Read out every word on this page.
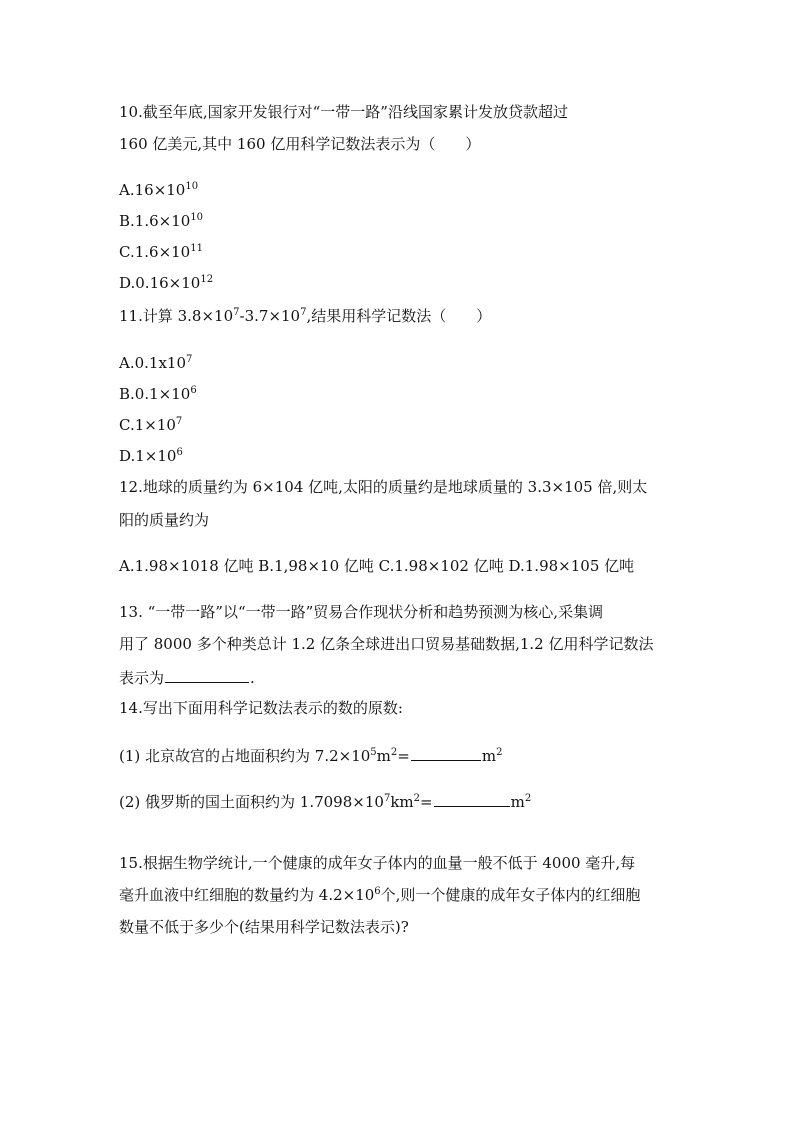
10.截至年底,国家开发银行对“一带一路”沿线国家累计发放贷款超过
160 亿美元,其中 160 亿用科学记数法表示为（　　）
$A.16\times 10^{10}$
$B.1.6\times 10^{10}$
$C.1.6\times 10^{11}$
$D.0.16\times 10^{12}$
11.计算 $3.8\times 10^7-3.7\times 10^7$,结果用科学记数法（　　）
$A.0.1x10^7$
$B.0.1\times 10^6$
$C.1\times 10^7$
$D.1\times 10^6$
12.地球的质量约为 6×104 亿吨,太阳的质量约是地球质量的 3.3×105 倍,则太
阳的质量约为
A.1.98×1018 亿吨 B.1,98×10 亿吨 C.1.98×102 亿吨 D.1.98×105 亿吨
13. “一带一路”以“一带一路”贸易合作现状分析和趋势预测为核心,采集调
用了 8000 多个种类总计 1.2 亿条全球进出口贸易基础数据,1.2 亿用科学记数法
表示为	.
14.写出下面用科学记数法表示的数的原数:
(1) 北京故宫的占地面积约为 $7.2\times 10^5m^2=$	$m^2$
(2) 俄罗斯的国土面积约为 $1.7098\times 10^7km^2=$	$m^2$
15.根据生物学统计,一个健康的成年女子体内的血量一般不低于 4000 毫升,每
毫升血液中红细胞的数量约为 $4.2\times 10^6$个,则一个健康的成年女子体内的红细胞
数量不低于多少个(结果用科学记数法表示)?
